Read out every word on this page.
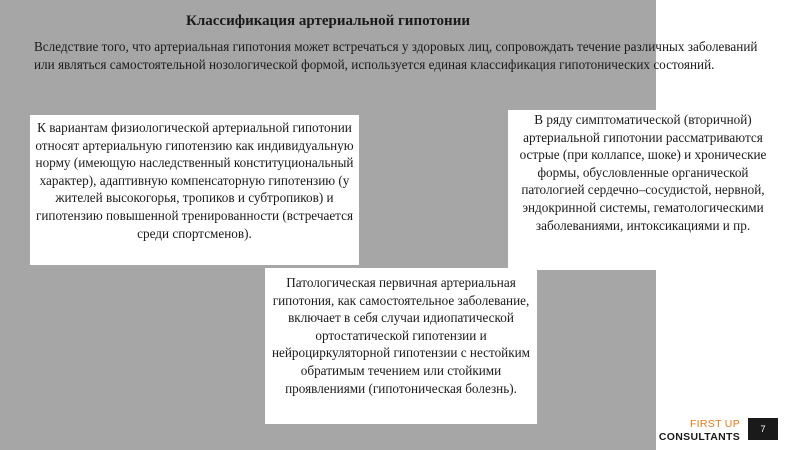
Классификация артериальной гипотонии
Вследствие того, что артериальная гипотония может встречаться у здоровых лиц, сопровождать течение различных заболеваний или являться самостоятельной нозологической формой, используется единая классификация гипотонических состояний.
К вариантам физиологической артериальной гипотонии относят артериальную гипотензию как индивидуальную норму (имеющую наследственный конституциональный характер), адаптивную компенсаторную гипотензию (у жителей высокогорья, тропиков и субтропиков) и гипотензию повышенной тренированности (встречается среди спортсменов).
В ряду симптоматической (вторичной) артериальной гипотонии рассматриваются острые (при коллапсе, шоке) и хронические формы, обусловленные органической патологией сердечно–сосудистой, нервной, эндокринной системы, гематологическими заболеваниями, интоксикациями и пр.
Патологическая первичная артериальная гипотония, как самостоятельное заболевание, включает в себя случаи идиопатической ортостатической гипотензии и нейроциркуляторной гипотензии с нестойким обратимым течением или стойкими проявлениями (гипотоническая болезнь).
FIRST UP
CONSULTANTS
7
